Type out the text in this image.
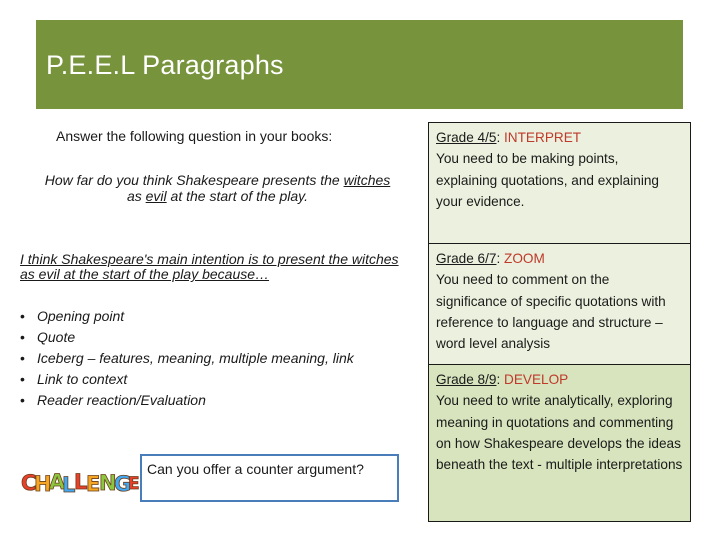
P.E.E.L Paragraphs
Answer the following question in your books:
How far do you think Shakespeare presents the witches as evil at the start of the play.
I think Shakespeare's main intention is to present the witches as evil at the start of the play because…
• Opening point
• Quote
• Iceberg – features, meaning, multiple meaning, link
• Link to context
• Reader reaction/Evaluation
C
H
A
L
L
E
N
G
E
Can you offer a counter argument?
Grade 4/5: INTERPRET
You need to be making points, explaining quotations, and explaining your evidence.
Grade 6/7: ZOOM
You need to comment on the significance of specific quotations with reference to language and structure – word level analysis
Grade 8/9: DEVELOP
You need to write analytically, exploring meaning in quotations and commenting on how Shakespeare develops the ideas beneath the text - multiple interpretations
